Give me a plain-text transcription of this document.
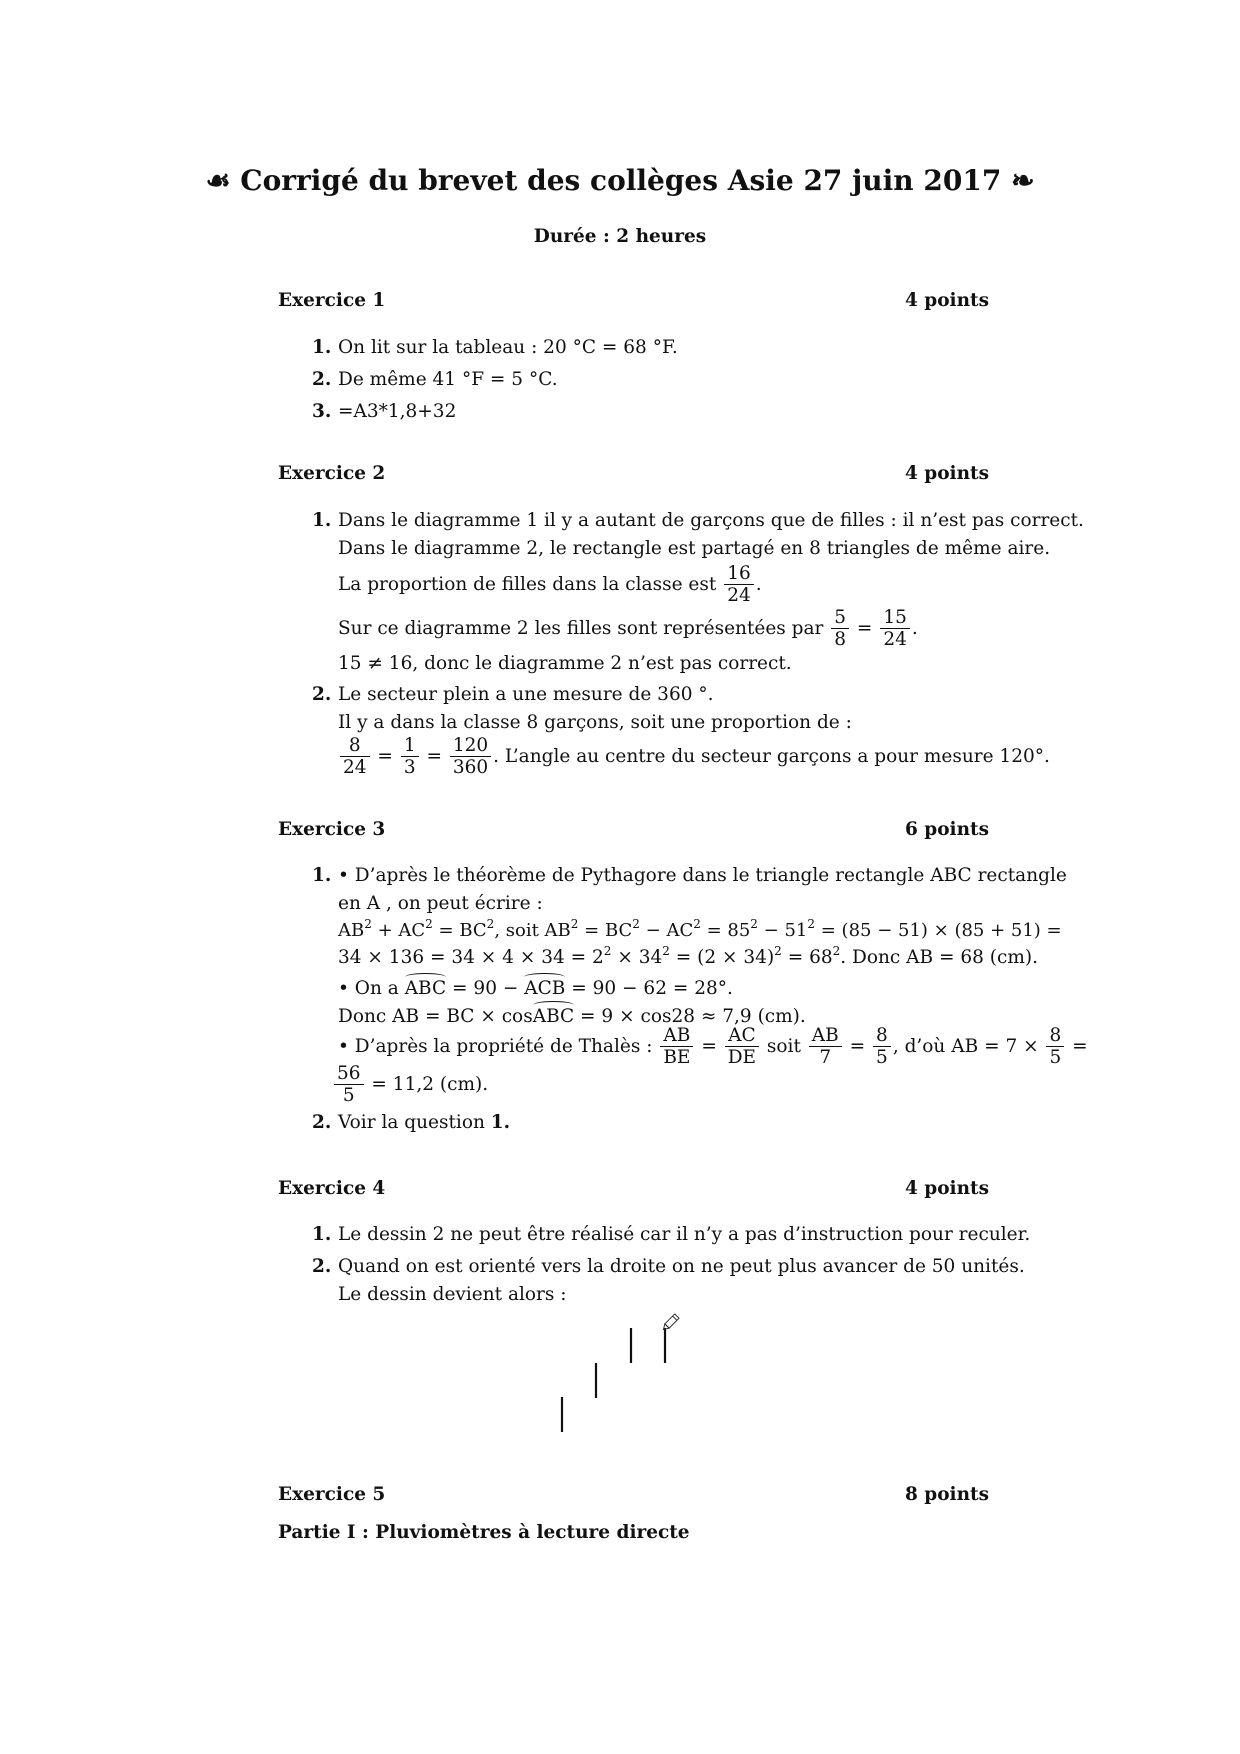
☙ Corrigé du brevet des collèges Asie 27 juin 2017 ❧
Durée : 2 heures
Exercice 1	4 points
1. On lit sur la tableau : 20 °C = 68 °F.
2. De même 41 °F = 5 °C.
3. =A3*1,8+32
Exercice 2	4 points
1. Dans le diagramme 1 il y a autant de garçons que de filles : il n’est pas correct.
Dans le diagramme 2, le rectangle est partagé en 8 triangles de même aire.
La proportion de filles dans la classe est $\frac{16}{24}$ .
Sur ce diagramme 2 les filles sont représentées par $\frac{5}{8} = \frac{15}{24}$ .
15 ≠ 16, donc le diagramme 2 n’est pas correct.
2. Le secteur plein a une mesure de 360 °.
Il y a dans la classe 8 garçons, soit une proportion de :
$\frac{8}{24} = \frac{1}{3} = \frac{120}{360}$ . L’angle au centre du secteur garçons a pour mesure 120°.
Exercice 3	6 points
1. • D’après le théorème de Pythagore dans le triangle rectangle ABC rectangle
en A , on peut écrire :
$AB^2 + AC^2 = BC^2$, soit $AB^2 = BC^2 - AC^2 = 85^2 - 51^2 = (85 - 51) \times (85 + 51)$ =
$34 \times 136 = 34 \times 4 \times 34 = 2^2 \times 34^2 = (2 \times 34)^2 = 68^2$. Donc AB = 68 (cm).
• On a ABC = 90 − ACB = 90 − 62 = 28°.
Donc AB = BC × cosABC = 9 × cos28 ≈ 7,9 (cm).
• D’après la propriété de Thalès : $\frac{AB}{BE} = \frac{AC}{DE}$ soit $\frac{AB}{7} = \frac{8}{5}$ , d’où AB = $7 \times \frac{8}{5}$ =
$\frac{56}{5} = 11,2$ (cm).
2. Voir la question 1.
Exercice 4	4 points
1. Le dessin 2 ne peut être réalisé car il n’y a pas d’instruction pour reculer.
2. Quand on est orienté vers la droite on ne peut plus avancer de 50 unités.
Le dessin devient alors :
Exercice 5	8 points
Partie I : Pluviomètres à lecture directe
